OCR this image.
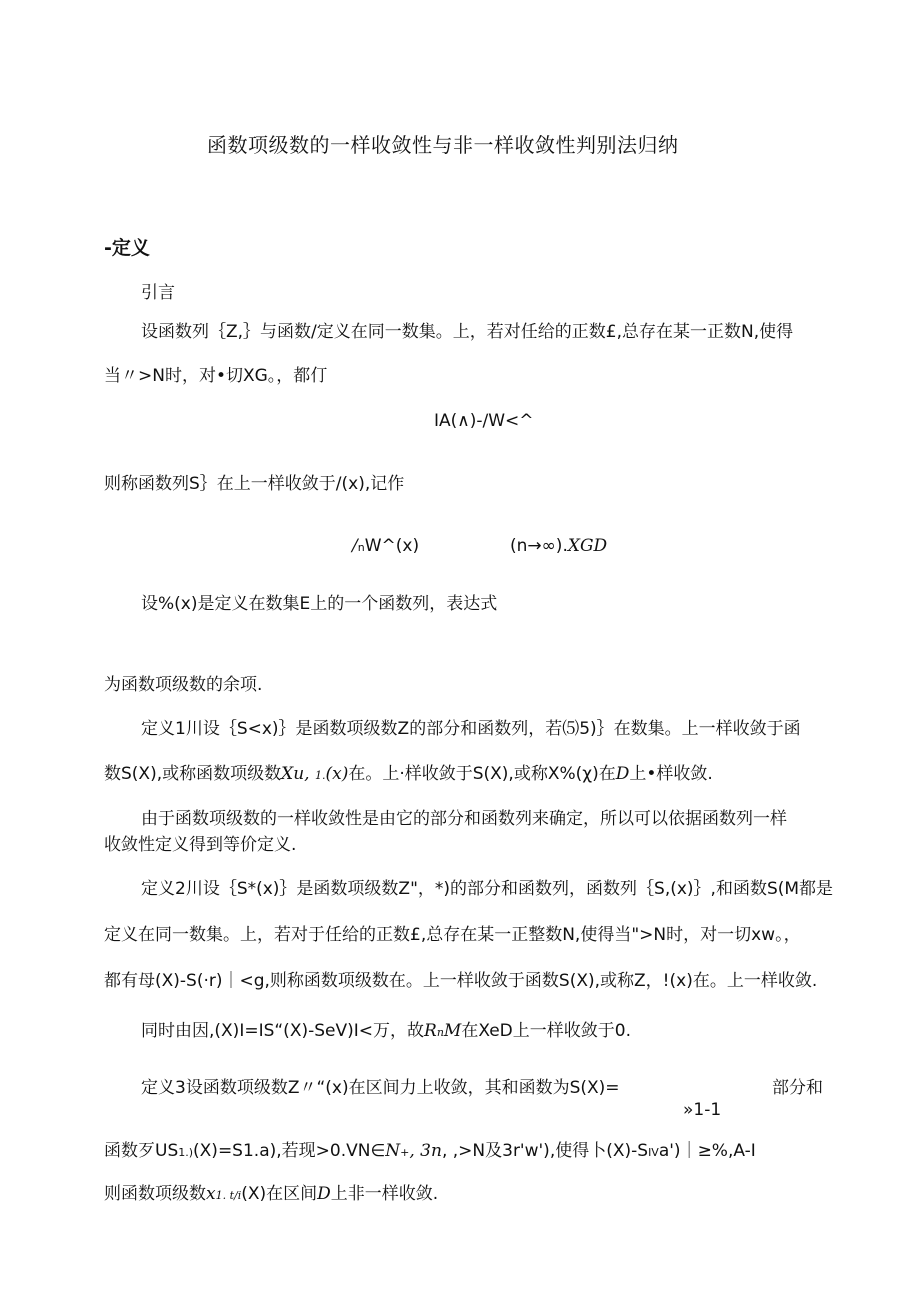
函数项级数的一样收敛性与非一样收敛性判别法归纳
-定义
引言
设函数列｛Z,｝与函数/定义在同一数集。上，若对任给的正数£,总存在某一正数N,使得
当〃>N时，对•切XG。，都仃
IA(∧)-∕W<^
则称函数列S｝在上一样收敛于/(x),记作
/nW^(x)	(n→∞).XGD
设%(x)是定义在数集E上的一个函数列，表达式
为函数项级数的余项.
定义1川设｛S<x)｝是函数项级数Z的部分和函数列，若⑸5)｝在数集。上一样收敛于函
数S(X),或称函数项级数Xu, 1.(x)在。上·样收敛于S(X),或称X%(χ)在D上•样收敛.
由于函数项级数的一样收敛性是由它的部分和函数列来确定，所以可以依据函数列一样
收敛性定义得到等价定义.
定义2川设｛S*(x)｝是函数项级数Z"，*)的部分和函数列，函数列｛S,(x)｝,和函数S(M都是
定义在同一数集。上，若对于任给的正数£,总存在某一正整数N,使得当">N时，对一切xw。，
都有母(X)-S(·r)｜<g,则称函数项级数在。上一样收敛于函数S(X),或称Z，!(x)在。上一样收敛.
同时由因,(X)I=IS“(X)-SeV)I<万，故RnM在XeD上一样收敛于0.
定义3设函数项级数Z〃“(x)在区间力上收敛，其和函数为S(X)=	部分和
»1-1
函数歹US1.)(X)=S1.a),若现>0.VN∈N+, 3n, ,>N及3r'w'),使得卜(X)-SIVa')｜≥%,A-I
则函数项级数x1. t/i(X)在区间D上非一样收敛.
